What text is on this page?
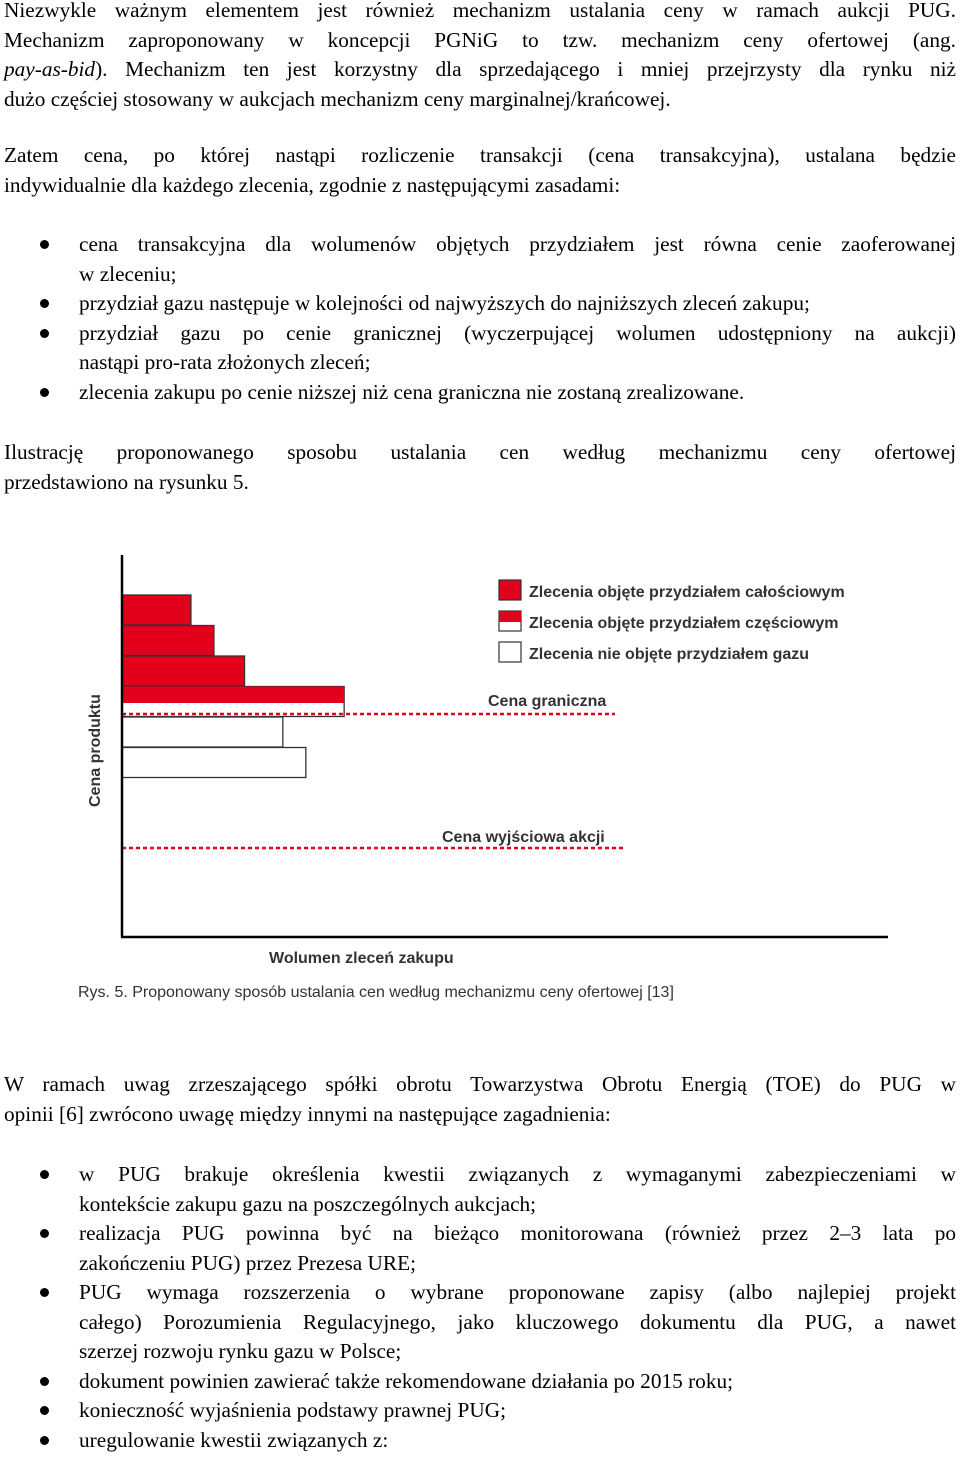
Niezwykle ważnym elementem jest również mechanizm ustalania ceny w ramach aukcji PUG.
Mechanizm zaproponowany w koncepcji PGNiG to tzw. mechanizm ceny ofertowej (ang.
pay-as-bid). Mechanizm ten jest korzystny dla sprzedającego i mniej przejrzysty dla rynku niż
dużo częściej stosowany w aukcjach mechanizm ceny marginalnej/krańcowej.
Zatem cena, po której nastąpi rozliczenie transakcji (cena transakcyjna), ustalana będzie
indywidualnie dla każdego zlecenia, zgodnie z następującymi zasadami:
cena transakcyjna dla wolumenów objętych przydziałem jest równa cenie zaoferowanej
w zleceniu;
przydział gazu następuje w kolejności od najwyższych do najniższych zleceń zakupu;
przydział gazu po cenie granicznej (wyczerpującej wolumen udostępniony na aukcji)
nastąpi pro-rata złożonych zleceń;
zlecenia zakupu po cenie niższej niż cena graniczna nie zostaną zrealizowane.
Ilustrację proponowanego sposobu ustalania cen według mechanizmu ceny ofertowej
przedstawiono na rysunku 5.
Cena graniczna
Cena wyjściowa akcji
Cena produktu
Wolumen zleceń zakupu
Zlecenia objęte przydziałem całościowym
Zlecenia objęte przydziałem częściowym
Zlecenia nie objęte przydziałem gazu
Rys. 5. Proponowany sposób ustalania cen według mechanizmu ceny ofertowej [13]
W ramach uwag zrzeszającego spółki obrotu Towarzystwa Obrotu Energią (TOE) do PUG w
opinii [6] zwrócono uwagę między innymi na następujące zagadnienia:
w PUG brakuje określenia kwestii związanych z wymaganymi zabezpieczeniami w
kontekście zakupu gazu na poszczególnych aukcjach;
realizacja PUG powinna być na bieżąco monitorowana (również przez 2–3 lata po
zakończeniu PUG) przez Prezesa URE;
PUG wymaga rozszerzenia o wybrane proponowane zapisy (albo najlepiej projekt
całego) Porozumienia Regulacyjnego, jako kluczowego dokumentu dla PUG, a nawet
szerzej rozwoju rynku gazu w Polsce;
dokument powinien zawierać także rekomendowane działania po 2015 roku;
konieczność wyjaśnienia podstawy prawnej PUG;
uregulowanie kwestii związanych z:
